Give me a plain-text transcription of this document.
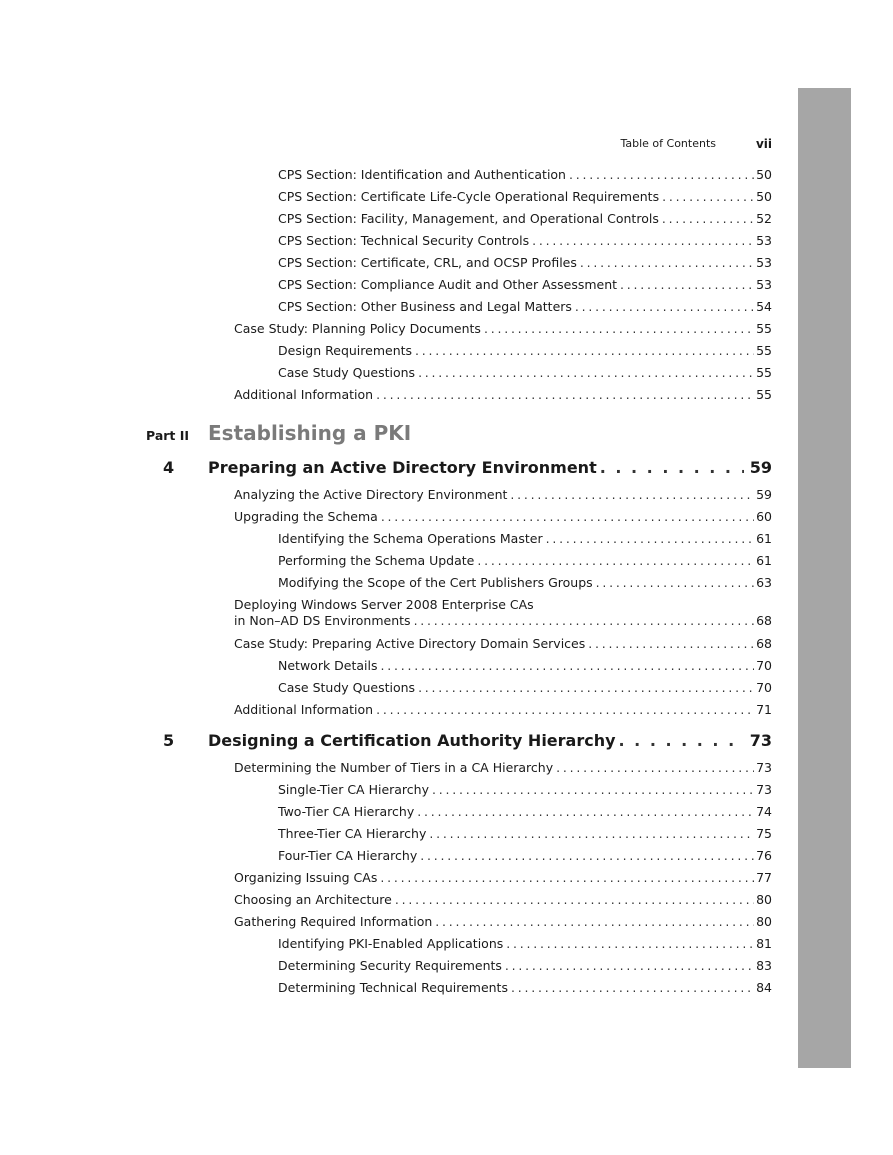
Table of Contents	vii
CPS Section: Identification and Authentication . . .	50
CPS Section: Certificate Life-Cycle Operational Requirements . . .	50
CPS Section: Facility, Management, and Operational Controls . . .	52
CPS Section: Technical Security Controls . . .	53
CPS Section: Certificate, CRL, and OCSP Profiles . . .	53
CPS Section: Compliance Audit and Other Assessment . . .	53
CPS Section: Other Business and Legal Matters . . .	54
Case Study: Planning Policy Documents . . .	55
Design Requirements . . .	55
Case Study Questions . . .	55
Additional Information . . .	55
Part II Establishing a PKI
4 Preparing an Active Directory Environment . . .	59
Analyzing the Active Directory Environment . . .	59
Upgrading the Schema . . .	60
Identifying the Schema Operations Master . . .	61
Performing the Schema Update . . .	61
Modifying the Scope of the Cert Publishers Groups . . .	63
Deploying Windows Server 2008 Enterprise CAs
in Non–AD DS Environments . . .	68
Case Study: Preparing Active Directory Domain Services . . .	68
Network Details . . .	70
Case Study Questions . . .	70
Additional Information . . .	71
5 Designing a Certification Authority Hierarchy . . .	73
Determining the Number of Tiers in a CA Hierarchy . . .	73
Single-Tier CA Hierarchy . . .	73
Two-Tier CA Hierarchy . . .	74
Three-Tier CA Hierarchy . . .	75
Four-Tier CA Hierarchy . . .	76
Organizing Issuing CAs . . .	77
Choosing an Architecture . . .	80
Gathering Required Information . . .	80
Identifying PKI-Enabled Applications . . .	81
Determining Security Requirements . . .	83
Determining Technical Requirements . . .	84
